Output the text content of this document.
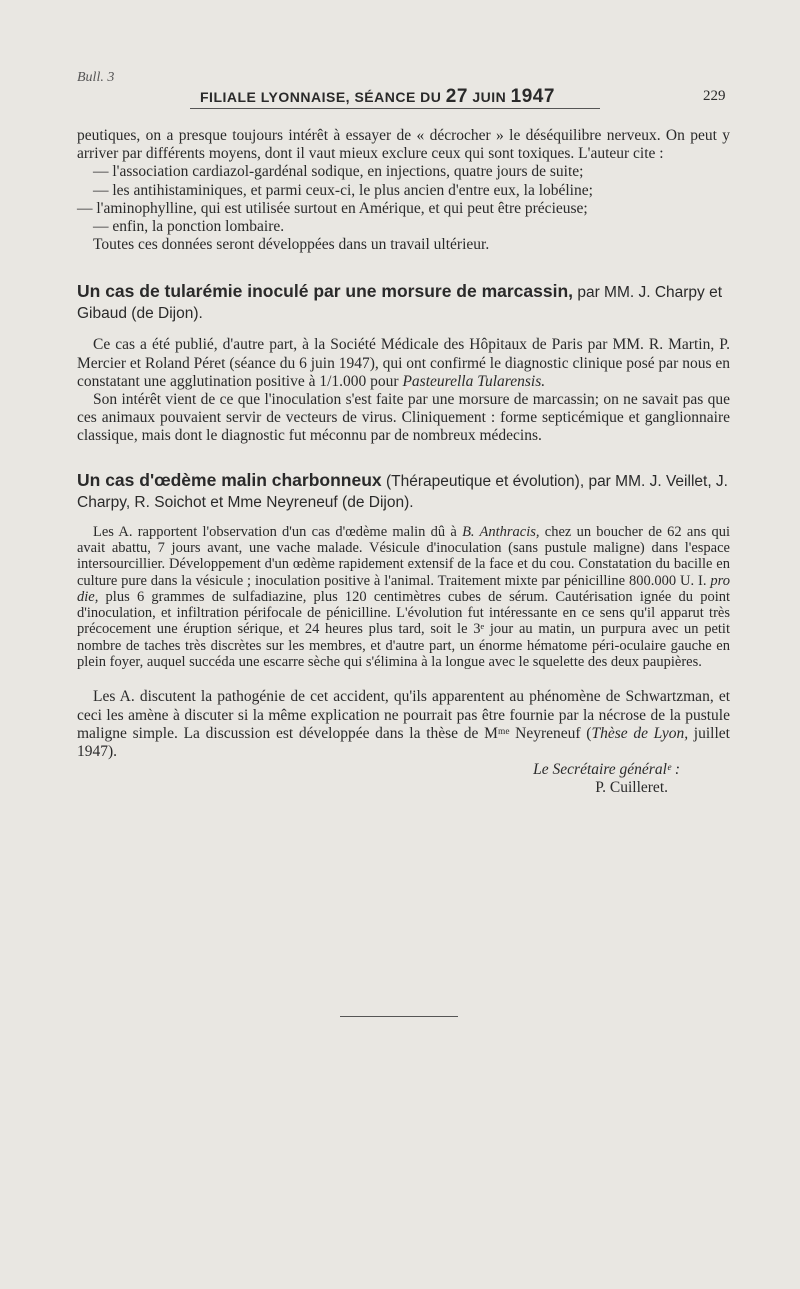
Bull. 3
FILIALE LYONNAISE, SÉANCE DU 27 JUIN 1947	229

peutiques, on a presque toujours intérêt à essayer de « décrocher » le déséquilibre nerveux. On peut y arriver par différents moyens, dont il vaut mieux exclure ceux qui sont toxiques. L'auteur cite :

— l'association cardiazol-gardénal sodique, en injections, quatre jours de suite;

— les antihistaminiques, et parmi ceux-ci, le plus ancien d'entre eux, la lobéline;

— l'aminophylline, qui est utilisée surtout en Amérique, et qui peut être précieuse;

— enfin, la ponction lombaire.

Toutes ces données seront développées dans un travail ultérieur.

Un cas de tularémie inoculé par une morsure de marcassin, par MM. J. Charpy et Gibaud (de Dijon).

Ce cas a été publié, d'autre part, à la Société Médicale des Hôpitaux de Paris par MM. R. Martin, P. Mercier et Roland Péret (séance du 6 juin 1947), qui ont confirmé le diagnostic clinique posé par nous en constatant une agglutination positive à 1/1.000 pour Pasteurella Tularensis.

Son intérêt vient de ce que l'inoculation s'est faite par une morsure de marcassin; on ne savait pas que ces animaux pouvaient servir de vecteurs de virus. Cliniquement : forme septicémique et ganglionnaire classique, mais dont le diagnostic fut méconnu par de nombreux médecins.

Un cas d'œdème malin charbonneux (Thérapeutique et évolution), par MM. J. Veillet, J. Charpy, R. Soichot et Mme Neyreneuf (de Dijon).

Les A. rapportent l'observation d'un cas d'œdème malin dû à B. Anthracis, chez un boucher de 62 ans qui avait abattu, 7 jours avant, une vache malade. Vésicule d'inoculation (sans pustule maligne) dans l'espace intersourcillier. Développement d'un œdème rapidement extensif de la face et du cou. Constatation du bacille en culture pure dans la vésicule ; inoculation positive à l'animal. Traitement mixte par pénicilline 800.000 U. I. pro die, plus 6 grammes de sulfadiazine, plus 120 centimètres cubes de sérum. Cautérisation ignée du point d'inoculation, et infiltration périfocale de pénicilline. L'évolution fut intéressante en ce sens qu'il apparut très précocement une éruption sérique, et 24 heures plus tard, soit le 3ᵉ jour au matin, un purpura avec un petit nombre de taches très discrètes sur les membres, et d'autre part, un énorme hématome péri-oculaire gauche en plein foyer, auquel succéda une escarre sèche qui s'élimina à la longue avec le squelette des deux paupières.

Les A. discutent la pathogénie de cet accident, qu'ils apparentent au phénomène de Schwartzman, et ceci les amène à discuter si la même explication ne pourrait pas être fournie par la nécrose de la pustule maligne simple. La discussion est développée dans la thèse de Mᵐᵉ Neyreneuf (Thèse de Lyon, juillet 1947).

Le Secrétaire généralᵉ :

P. Cuilleret.
